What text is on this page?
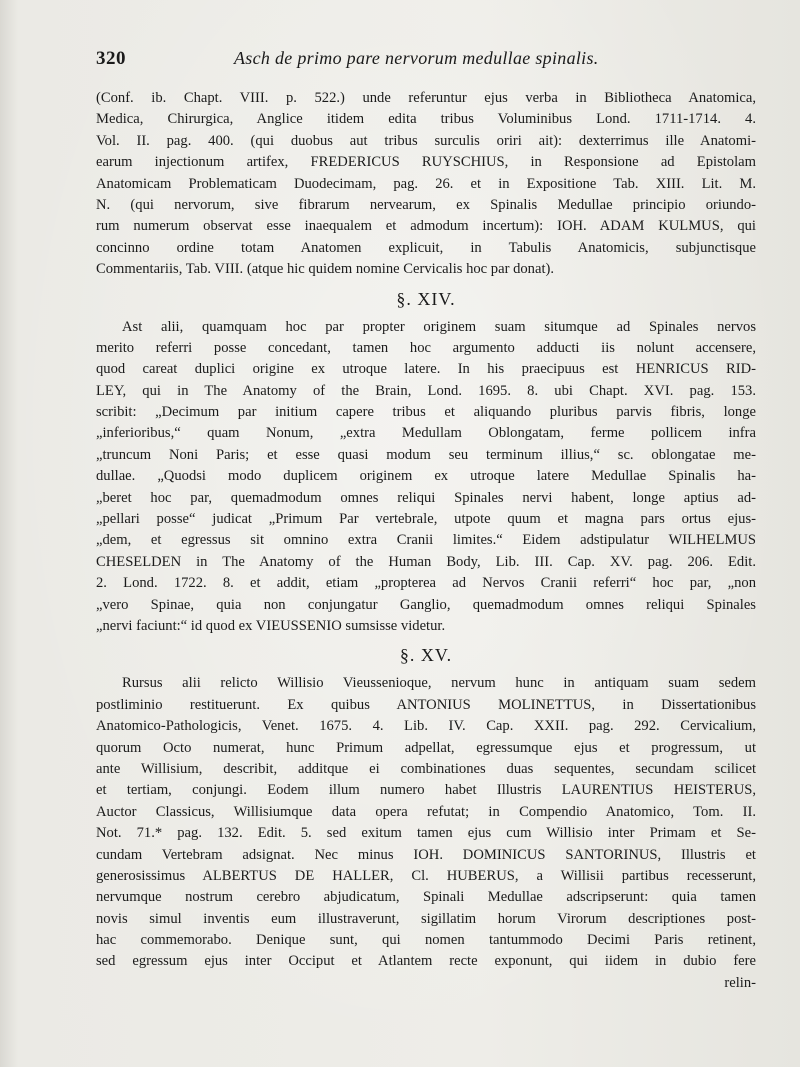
320	Asch de primo pare nervorum medullae spinalis.
(Conf. ib. Chapt. VIII. p. 522.) unde referuntur ejus verba in Bibliotheca Anatomica,
Medica, Chirurgica, Anglice itidem edita tribus Voluminibus Lond. 1711-1714. 4.
Vol. II. pag. 400. (qui duobus aut tribus surculis oriri ait): dexterrimus ille Anatomi-
earum injectionum artifex, FREDERICUS RUYSCHIUS, in Responsione ad Epistolam
Anatomicam Problematicam Duodecimam, pag. 26. et in Expositione Tab. XIII. Lit. M.
N. (qui nervorum, sive fibrarum nervearum, ex Spinalis Medullae principio oriundo-
rum numerum observat esse inaequalem et admodum incertum): IOH. ADAM KULMUS, qui
concinno ordine totam Anatomen explicuit, in Tabulis Anatomicis, subjunctisque
Commentariis, Tab. VIII. (atque hic quidem nomine Cervicalis hoc par donat).
§. XIV.
Ast alii, quamquam hoc par propter originem suam situmque ad Spinales nervos
merito referri posse concedant, tamen hoc argumento adducti iis nolunt accensere,
quod careat duplici origine ex utroque latere. In his praecipuus est HENRICUS RID-
LEY, qui in The Anatomy of the Brain, Lond. 1695. 8. ubi Chapt. XVI. pag. 153.
scribit: „Decimum par initium capere tribus et aliquando pluribus parvis fibris, longe
„inferioribus,“ quam Nonum, „extra Medullam Oblongatam, ferme pollicem infra
„truncum Noni Paris; et esse quasi modum seu terminum illius,“ sc. oblongatae me-
dullae. „Quodsi modo duplicem originem ex utroque latere Medullae Spinalis ha-
„beret hoc par, quemadmodum omnes reliqui Spinales nervi habent, longe aptius ad-
„pellari posse“ judicat „Primum Par vertebrale, utpote quum et magna pars ortus ejus-
„dem, et egressus sit omnino extra Cranii limites.“ Eidem adstipulatur WILHELMUS
CHESELDEN in The Anatomy of the Human Body, Lib. III. Cap. XV. pag. 206. Edit.
2. Lond. 1722. 8. et addit, etiam „propterea ad Nervos Cranii referri“ hoc par, „non
„vero Spinae, quia non conjungatur Ganglio, quemadmodum omnes reliqui Spinales
„nervi faciunt:“ id quod ex VIEUSSENIO sumsisse videtur.
§. XV.
Rursus alii relicto Willisio Vieussenioque, nervum hunc in antiquam suam sedem
postliminio restituerunt. Ex quibus ANTONIUS MOLINETTUS, in Dissertationibus
Anatomico-Pathologicis, Venet. 1675. 4. Lib. IV. Cap. XXII. pag. 292. Cervicalium,
quorum Octo numerat, hunc Primum adpellat, egressumque ejus et progressum, ut
ante Willisium, describit, additque ei combinationes duas sequentes, secundam scilicet
et tertiam, conjungi. Eodem illum numero habet Illustris LAURENTIUS HEISTERUS,
Auctor Classicus, Willisiumque data opera refutat; in Compendio Anatomico, Tom. II.
Not. 71.* pag. 132. Edit. 5. sed exitum tamen ejus cum Willisio inter Primam et Se-
cundam Vertebram adsignat. Nec minus IOH. DOMINICUS SANTORINUS, Illustris et
generosissimus ALBERTUS DE HALLER, Cl. HUBERUS, a Willisii partibus recesserunt,
nervumque nostrum cerebro abjudicatum, Spinali Medullae adscripserunt: quia tamen
novis simul inventis eum illustraverunt, sigillatim horum Virorum descriptiones post-
hac commemorabo. Denique sunt, qui nomen tantummodo Decimi Paris retinent,
sed egressum ejus inter Occiput et Atlantem recte exponunt, qui iidem in dubio fere
relin-
